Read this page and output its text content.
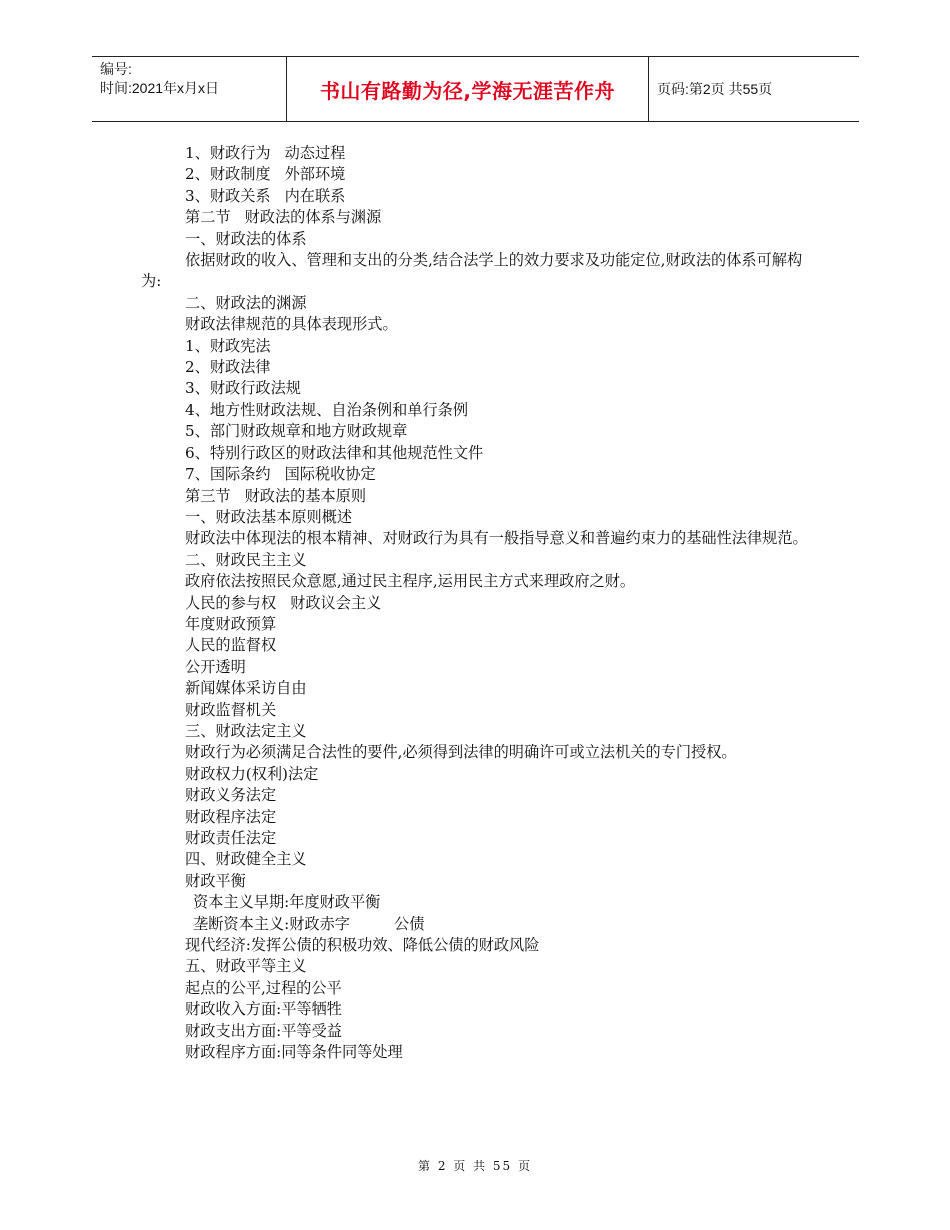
编号:
时间:2021年x月x日	书山有路勤为径,学海无涯苦作舟	页码:第2页 共55页
1、财政行为 动态过程
2、财政制度 外部环境
3、财政关系 内在联系
第二节 财政法的体系与渊源
一、财政法的体系
依据财政的收入、管理和支出的分类,结合法学上的效力要求及功能定位,财政法的体系可解构为:
二、财政法的渊源
财政法律规范的具体表现形式。
1、财政宪法
2、财政法律
3、财政行政法规
4、地方性财政法规、自治条例和单行条例
5、部门财政规章和地方财政规章
6、特别行政区的财政法律和其他规范性文件
7、国际条约 国际税收协定
第三节 财政法的基本原则
一、财政法基本原则概述
财政法中体现法的根本精神、对财政行为具有一般指导意义和普遍约束力的基础性法律规范。
二、财政民主主义
政府依法按照民众意愿,通过民主程序,运用民主方式来理政府之财。
人民的参与权 财政议会主义
年度财政预算
人民的监督权
公开透明
新闻媒体采访自由
财政监督机关
三、财政法定主义
财政行为必须满足合法性的要件,必须得到法律的明确许可或立法机关的专门授权。
财政权力(权利)法定
财政义务法定
财政程序法定
财政责任法定
四、财政健全主义
财政平衡
资本主义早期:年度财政平衡
垄断资本主义:财政赤字	公债
现代经济:发挥公债的积极功效、降低公债的财政风险
五、财政平等主义
起点的公平,过程的公平
财政收入方面:平等牺牲
财政支出方面:平等受益
财政程序方面:同等条件同等处理
第 2 页 共 55 页
